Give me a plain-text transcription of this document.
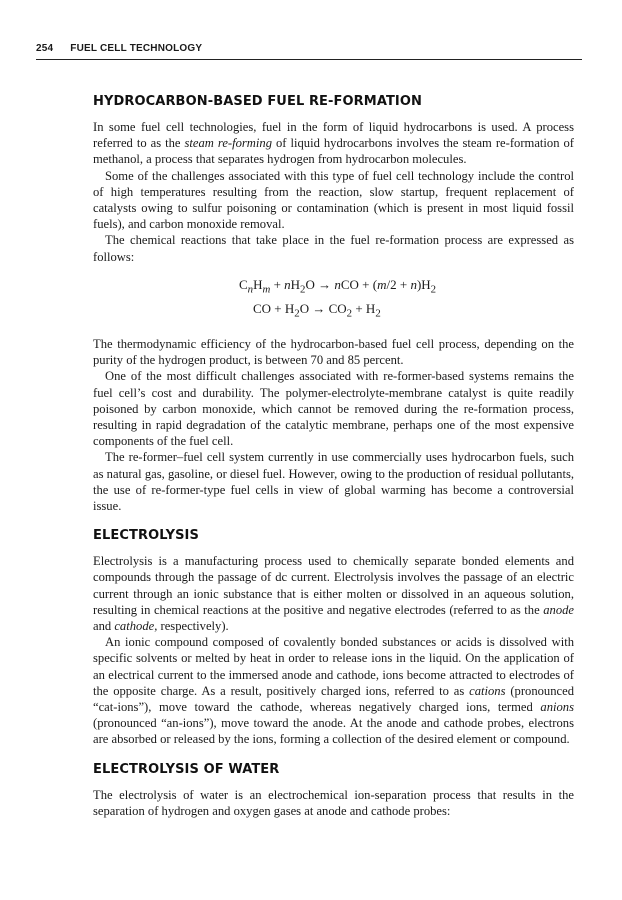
254 FUEL CELL TECHNOLOGY
HYDROCARBON-BASED FUEL RE-FORMATION

In some fuel cell technologies, fuel in the form of liquid hydrocarbons is used. A process referred to as the steam re-forming of liquid hydrocarbons involves the steam re-formation of methanol, a process that separates hydrogen from hydrocarbon molecules.

Some of the challenges associated with this type of fuel cell technology include the control of high temperatures resulting from the reaction, slow startup, frequent replacement of catalysts owing to sulfur poisoning or contamination (which is present in most liquid fossil fuels), and carbon monoxide removal.

The chemical reactions that take place in the fuel re-formation process are expressed as follows:

$C_nH_m + nH_2O$ → nCO + $(m/2 + n)H_2$
CO + $H_2O \to CO_2 + H_2$

The thermodynamic efficiency of the hydrocarbon-based fuel cell process, depending on the purity of the hydrogen product, is between 70 and 85 percent.

One of the most difficult challenges associated with re-former-based systems remains the fuel cell’s cost and durability. The polymer-electrolyte-membrane catalyst is quite readily poisoned by carbon monoxide, which cannot be removed during the re-formation process, resulting in rapid degradation of the catalytic membrane, perhaps one of the most expensive components of the fuel cell.

The re-former–fuel cell system currently in use commercially uses hydrocarbon fuels, such as natural gas, gasoline, or diesel fuel. However, owing to the production of residual pollutants, the use of re-former-type fuel cells in view of global warming has become a controversial issue.

ELECTROLYSIS

Electrolysis is a manufacturing process used to chemically separate bonded elements and compounds through the passage of dc current. Electrolysis involves the passage of an electric current through an ionic substance that is either molten or dissolved in an aqueous solution, resulting in chemical reactions at the positive and negative electrodes (referred to as the anode and cathode, respectively).

An ionic compound composed of covalently bonded substances or acids is dissolved with specific solvents or melted by heat in order to release ions in the liquid. On the application of an electrical current to the immersed anode and cathode, ions become attracted to electrodes of the opposite charge. As a result, positively charged ions, referred to as cations (pronounced “cat-ions”), move toward the cathode, whereas negatively charged ions, termed anions (pronounced “an-ions”), move toward the anode. At the anode and cathode probes, electrons are absorbed or released by the ions, forming a collection of the desired element or compound.

ELECTROLYSIS OF WATER

The electrolysis of water is an electrochemical ion-separation process that results in the separation of hydrogen and oxygen gases at anode and cathode probes:
